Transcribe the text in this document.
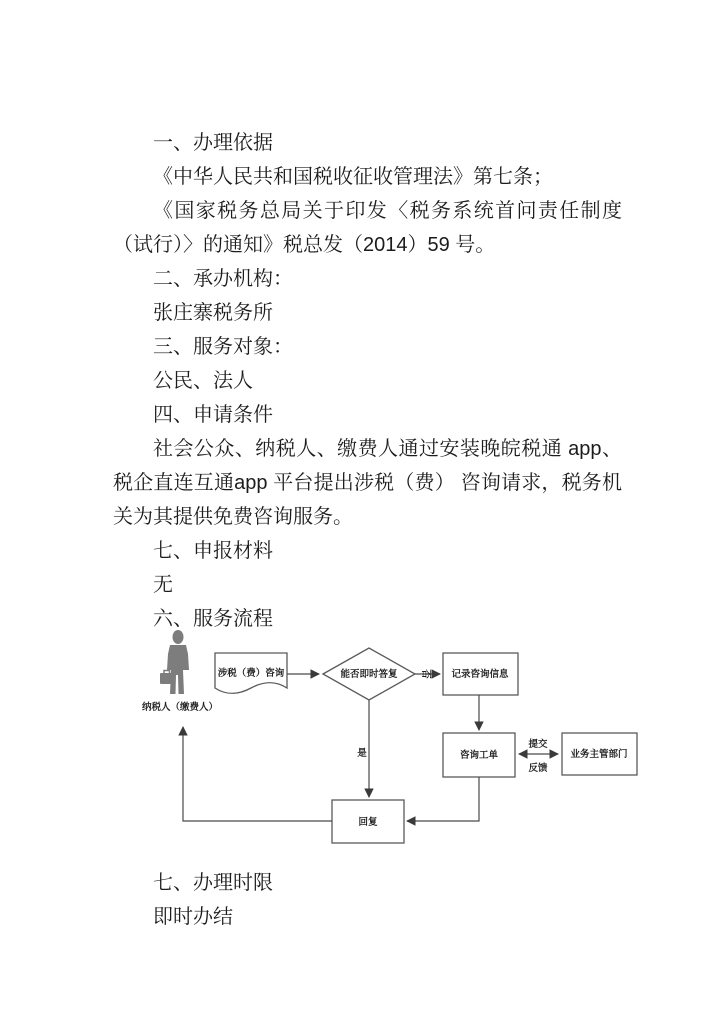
一、办理依据

《中华人民共和国税收征收管理法》第七条；

《国家税务总局关于印发〈税务系统首问责任制度（试行）〉的通知》税总发（2014）59 号。

二、承办机构：

张庄寨税务所

三、服务对象：

公民、法人

四、申请条件

社会公众、纳税人、缴费人通过安装晚皖税通 app、税企直连互通app 平台提出涉税（费） 咨询请求，税务机关为其提供免费咨询服务。

七、申报材料

无

六、服务流程

纳税人（缴费人）
涉税（费）咨询	能否即时答复 否 记录咨询信息
咨询工单
提交
反馈
业务主管部门
是
回复

七、办理时限

即时办结
